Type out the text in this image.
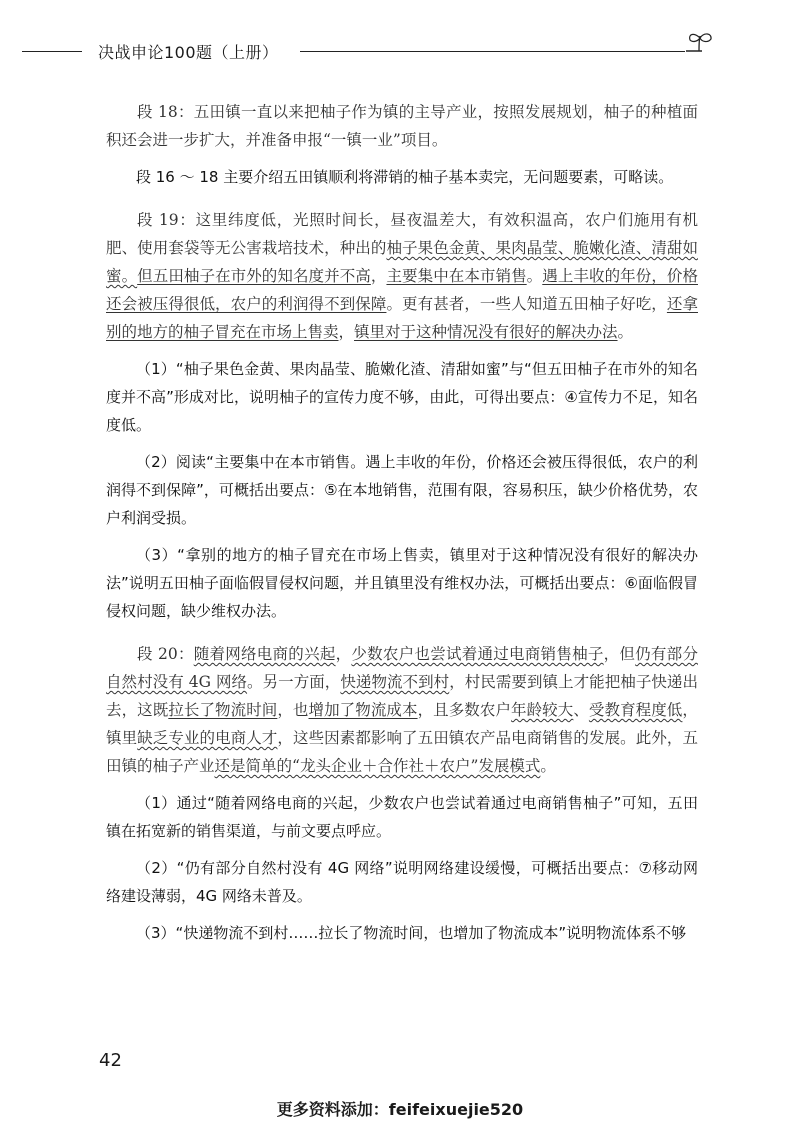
决战申论100题（上册）

段 18：五田镇一直以来把柚子作为镇的主导产业，按照发展规划，柚子的种植面积还会进一步扩大，并准备申报“一镇一业”项目。

段 16 ～ 18 主要介绍五田镇顺利将滞销的柚子基本卖完，无问题要素，可略读。

段 19：这里纬度低，光照时间长，昼夜温差大，有效积温高，农户们施用有机肥、使用套袋等无公害栽培技术，种出的柚子果色金黄、果肉晶莹、脆嫩化渣、清甜如蜜。但五田柚子在市外的知名度并不高，主要集中在本市销售。遇上丰收的年份，价格还会被压得很低，农户的利润得不到保障。更有甚者，一些人知道五田柚子好吃，还拿别的地方的柚子冒充在市场上售卖，镇里对于这种情况没有很好的解决办法。

（1）“柚子果色金黄、果肉晶莹、脆嫩化渣、清甜如蜜”与“但五田柚子在市外的知名度并不高”形成对比，说明柚子的宣传力度不够，由此，可得出要点：④宣传力不足，知名度低。

（2）阅读“主要集中在本市销售。遇上丰收的年份，价格还会被压得很低，农户的利润得不到保障”，可概括出要点：⑤在本地销售，范围有限，容易积压，缺少价格优势，农户利润受损。

（3）“拿别的地方的柚子冒充在市场上售卖，镇里对于这种情况没有很好的解决办法”说明五田柚子面临假冒侵权问题，并且镇里没有维权办法，可概括出要点：⑥面临假冒侵权问题，缺少维权办法。

段 20：随着网络电商的兴起，少数农户也尝试着通过电商销售柚子，但仍有部分自然村没有 4G 网络。另一方面，快递物流不到村，村民需要到镇上才能把柚子快递出去，这既拉长了物流时间，也增加了物流成本，且多数农户年龄较大、受教育程度低，镇里缺乏专业的电商人才，这些因素都影响了五田镇农产品电商销售的发展。此外，五田镇的柚子产业还是简单的“龙头企业＋合作社＋农户”发展模式。

（1）通过“随着网络电商的兴起，少数农户也尝试着通过电商销售柚子”可知，五田镇在拓宽新的销售渠道，与前文要点呼应。

（2）“仍有部分自然村没有 4G 网络”说明网络建设缓慢，可概括出要点：⑦移动网络建设薄弱，4G 网络未普及。

（3）“快递物流不到村……拉长了物流时间，也增加了物流成本”说明物流体系不够

42
更多资料添加：feifeixuejie520
